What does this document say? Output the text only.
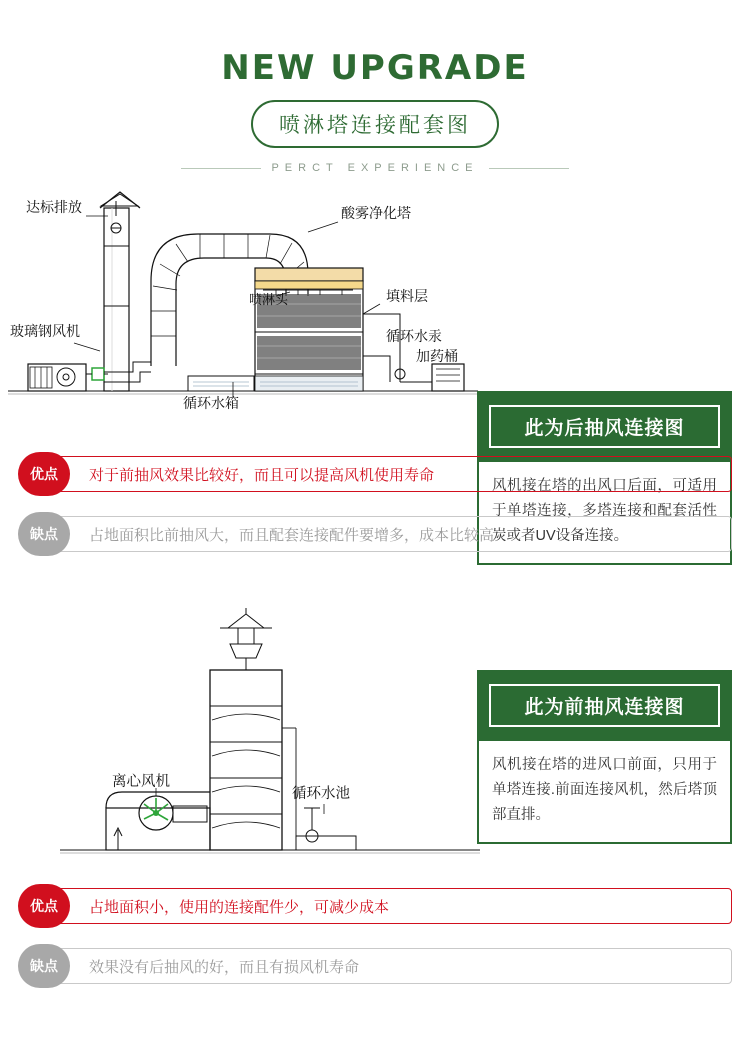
NEW UPGRADE
喷淋塔连接配套图
PERCT EXPERIENCE
达标排放
玻璃钢风机
酸雾净化塔
喷淋头	填料层
循环水汞
加药桶
循环水箱
此为后抽风连接图
风机接在塔的出风口后面，可适用于单塔连接，多塔连接和配套活性炭或者UV设备连接。
对于前抽风效果比较好，而且可以提高风机使用寿命
优点
占地面积比前抽风大，而且配套连接配件要增多，成本比较高
缺点
离心风机
循环水池
此为前抽风连接图
风机接在塔的进风口前面，只用于单塔连接.前面连接风机，然后塔顶部直排。
占地面积小，使用的连接配件少，可减少成本
优点
效果没有后抽风的好，而且有损风机寿命
缺点
